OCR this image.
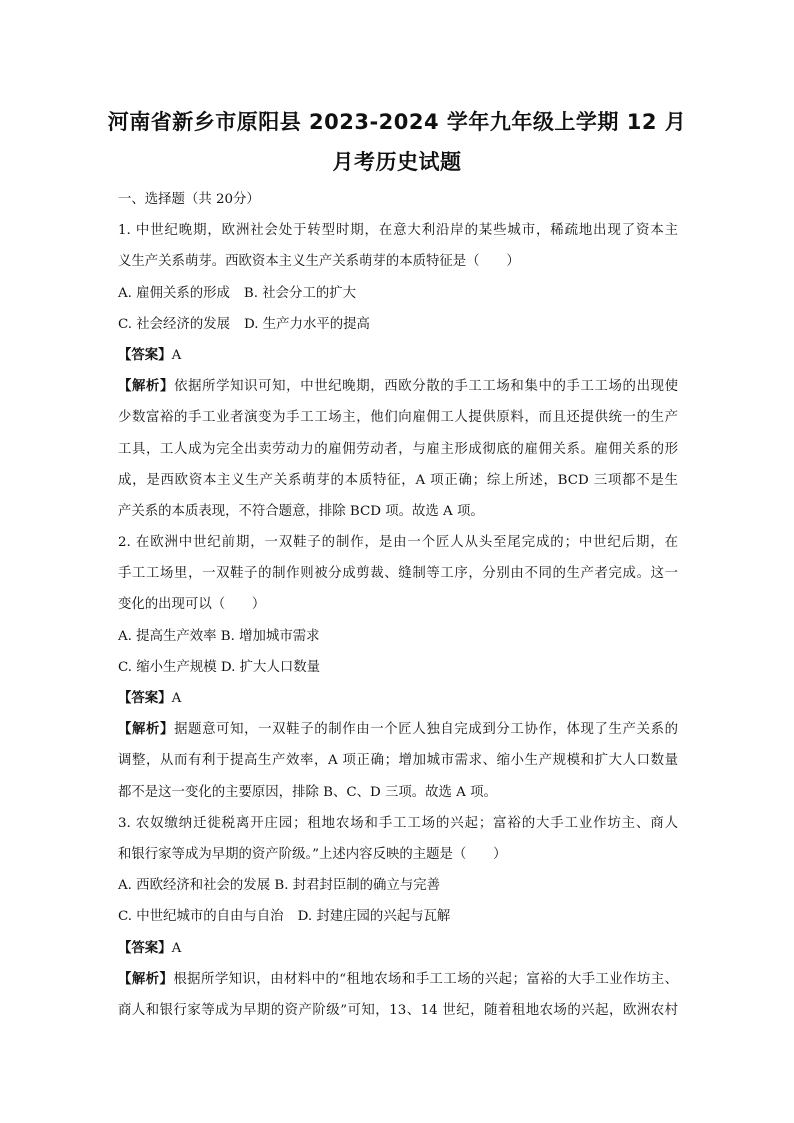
河南省新乡市原阳县 2023-2024 学年九年级上学期 12 月
月考历史试题
一、选择题（共 20分）
1. 中世纪晚期，欧洲社会处于转型时期，在意大利沿岸的某些城市，稀疏地出现了资本主
义生产关系萌芽。西欧资本主义生产关系萌芽的本质特征是（　　）
A. 雇佣关系的形成 B. 社会分工的扩大
C. 社会经济的发展 D. 生产力水平的提高
【答案】A
【解析】依据所学知识可知，中世纪晚期，西欧分散的手工工场和集中的手工工场的出现使
少数富裕的手工业者演变为手工工场主，他们向雇佣工人提供原料，而且还提供统一的生产
工具，工人成为完全出卖劳动力的雇佣劳动者，与雇主形成彻底的雇佣关系。雇佣关系的形
成，是西欧资本主义生产关系萌芽的本质特征，A 项正确；综上所述，BCD 三项都不是生
产关系的本质表现，不符合题意，排除 BCD 项。故选 A 项。
2. 在欧洲中世纪前期，一双鞋子的制作，是由一个匠人从头至尾完成的；中世纪后期，在
手工工场里，一双鞋子的制作则被分成剪裁、缝制等工序，分别由不同的生产者完成。这一
变化的出现可以（　　）
A. 提高生产效率 B. 增加城市需求
C. 缩小生产规模 D. 扩大人口数量
【答案】A
【解析】据题意可知，一双鞋子的制作由一个匠人独自完成到分工协作，体现了生产关系的
调整，从而有利于提高生产效率，A 项正确；增加城市需求、缩小生产规模和扩大人口数量
都不是这一变化的主要原因，排除 B、C、D 三项。故选 A 项。
3. 农奴缴纳迁徙税离开庄园；租地农场和手工工场的兴起；富裕的大手工业作坊主、商人
和银行家等成为早期的资产阶级。”上述内容反映的主题是（　　）
A. 西欧经济和社会的发展 B. 封君封臣制的确立与完善
C. 中世纪城市的自由与自治 D. 封建庄园的兴起与瓦解
【答案】A
【解析】根据所学知识，由材料中的“租地农场和手工工场的兴起；富裕的大手工业作坊主、
商人和银行家等成为早期的资产阶级”可知，13、14 世纪，随着租地农场的兴起，欧洲农村
